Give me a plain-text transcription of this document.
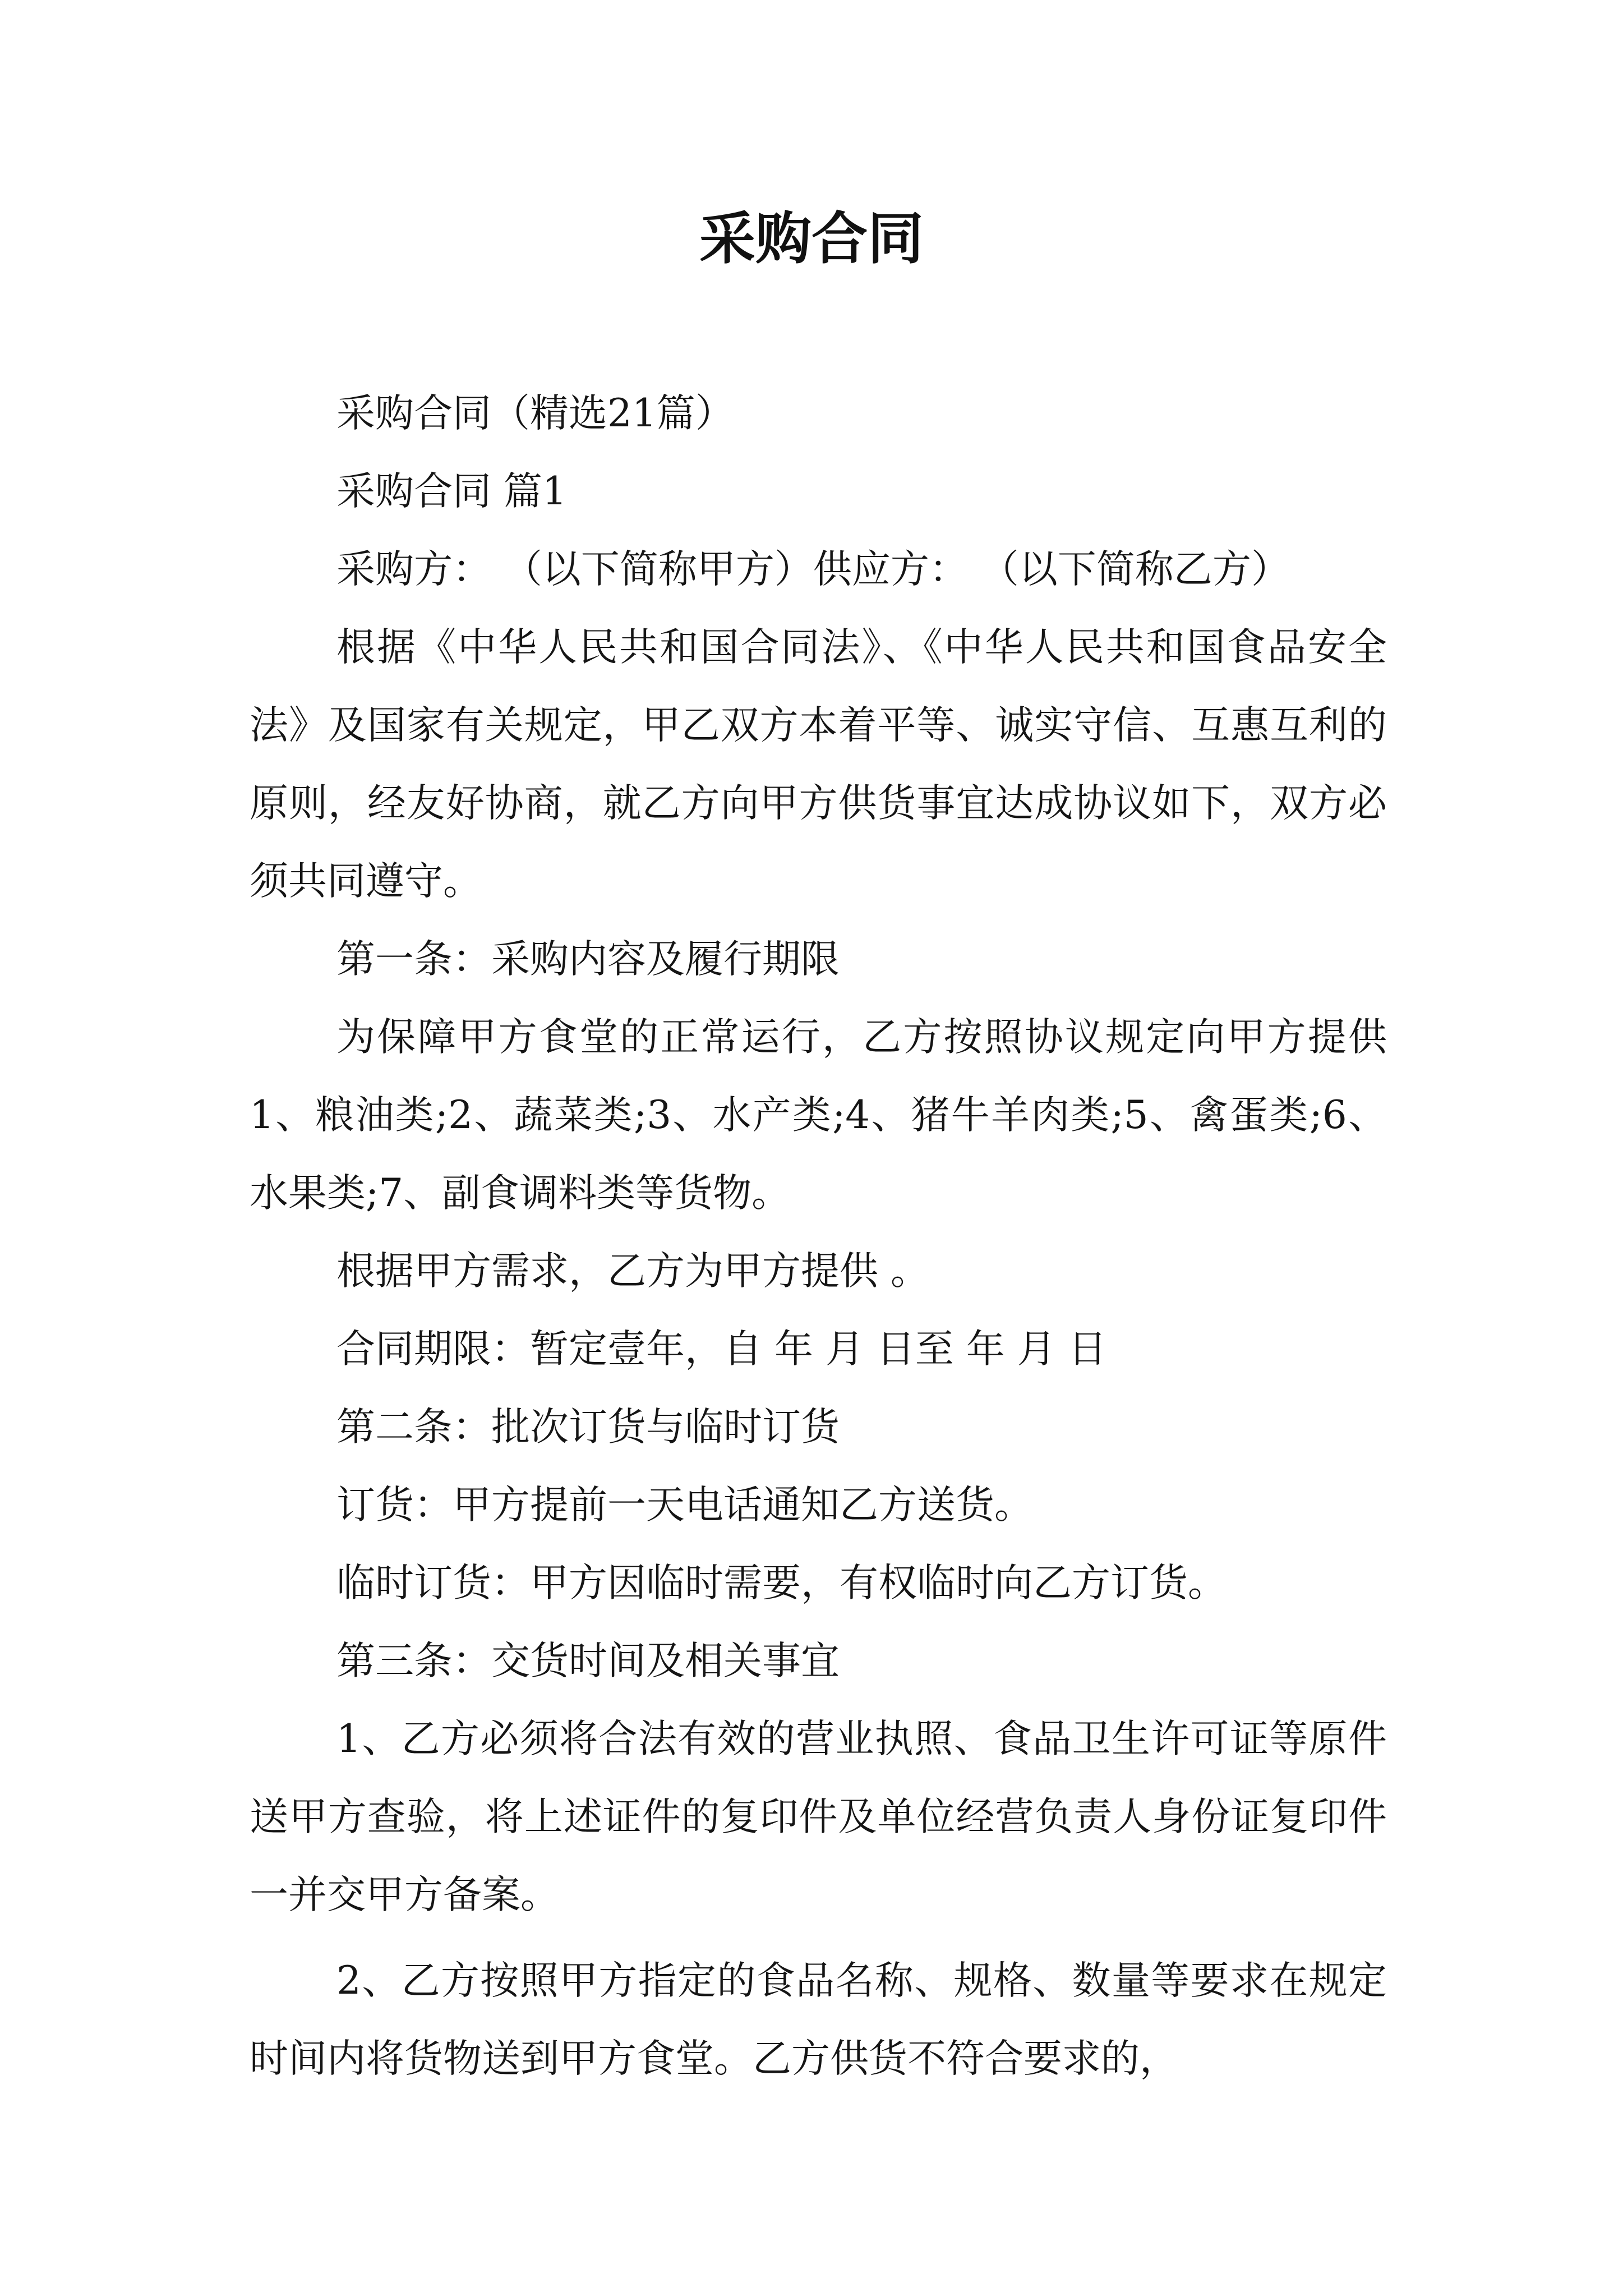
采购合同

采购合同（精选21篇）

采购合同 篇1

采购方： （以下简称甲方）供应方： （以下简称乙方）

根据《中华人民共和国合同法》、《中华人民共和国食品安全法》及国家有关规定，甲乙双方本着平等、诚实守信、互惠互利的原则，经友好协商，就乙方向甲方供货事宜达成协议如下，双方必须共同遵守。

第一条：采购内容及履行期限

为保障甲方食堂的正常运行，乙方按照协议规定向甲方提供1、粮油类;2、蔬菜类;3、水产类;4、猪牛羊肉类;5、禽蛋类;6、水果类;7、副食调料类等货物。

根据甲方需求，乙方为甲方提供 。

合同期限：暂定壹年，自 年 月 日至 年 月 日

第二条：批次订货与临时订货

订货：甲方提前一天电话通知乙方送货。

临时订货：甲方因临时需要，有权临时向乙方订货。

第三条：交货时间及相关事宜

1、乙方必须将合法有效的营业执照、食品卫生许可证等原件送甲方查验，将上述证件的复印件及单位经营负责人身份证复印件一并交甲方备案。

2、乙方按照甲方指定的食品名称、规格、数量等要求在规定时间内将货物送到甲方食堂。乙方供货不符合要求的，
